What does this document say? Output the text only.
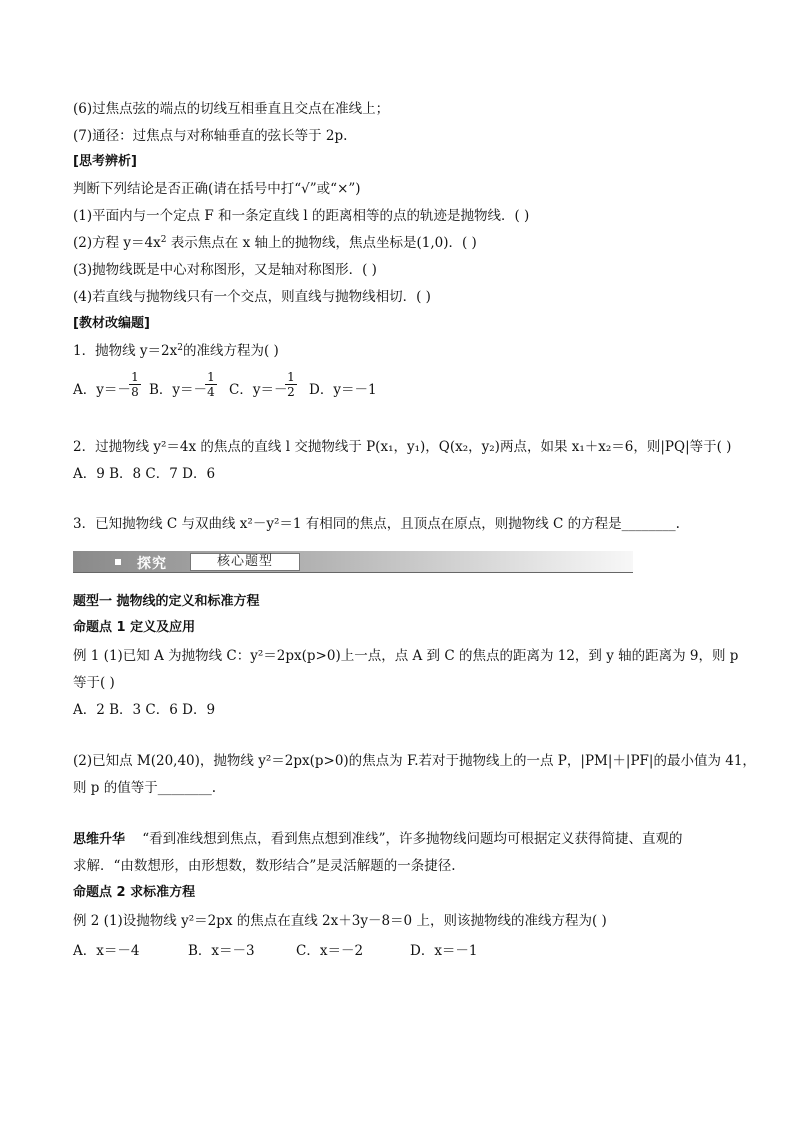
(6)过焦点弦的端点的切线互相垂直且交点在准线上；
(7)通径：过焦点与对称轴垂直的弦长等于 2p.
[思考辨析]
判断下列结论是否正确(请在括号中打“√”或“×”)
(1)平面内与一个定点 F 和一条定直线 l 的距离相等的点的轨迹是抛物线．( )
(2)方程 $y=4x^2$ 表示焦点在 x 轴上的抛物线，焦点坐标是(1,0)．( )
(3)抛物线既是中心对称图形，又是轴对称图形．( )
(4)若直线与抛物线只有一个交点，则直线与抛物线相切．( )
[教材改编题]
1．抛物线 $y=2x^2$的准线方程为( )
A．y＝－
$\frac{1}{8}$ B．y＝－
$\frac{1}{4}$ C．y＝－
$\frac{1}{2}$ D．y＝－1
2．过抛物线 y²＝4x 的焦点的直线 l 交抛物线于 P(x₁，y₁)，Q(x₂，y₂)两点，如果 x₁＋x₂＝6，则|PQ|等于( )
A．9 B．8 C．7 D．6
3．已知抛物线 C 与双曲线 x²－y²＝1 有相同的焦点，且顶点在原点，则抛物线 C 的方程是________.
探究	核心题型
题型一 抛物线的定义和标准方程
命题点 1 定义及应用
例 1 (1)已知 A 为抛物线 C：y²＝2px(p>0)上一点，点 A 到 C 的焦点的距离为 12，到 y 轴的距离为 9，则 p
等于( )
A．2 B．3 C．6 D．9
(2)已知点 M(20,40)，抛物线 y²＝2px(p>0)的焦点为 F.若对于抛物线上的一点 P，|PM|＋|PF|的最小值为 41，
则 p 的值等于________.
思维升华 “看到准线想到焦点，看到焦点想到准线”，许多抛物线问题均可根据定义获得简捷、直观的
求解．“由数想形，由形想数，数形结合”是灵活解题的一条捷径.
命题点 2 求标准方程
例 2 (1)设抛物线 y²＝2px 的焦点在直线 2x＋3y－8＝0 上，则该抛物线的准线方程为( )
A．x＝－4	B．x＝－3	C．x＝－2	D．x＝－1
